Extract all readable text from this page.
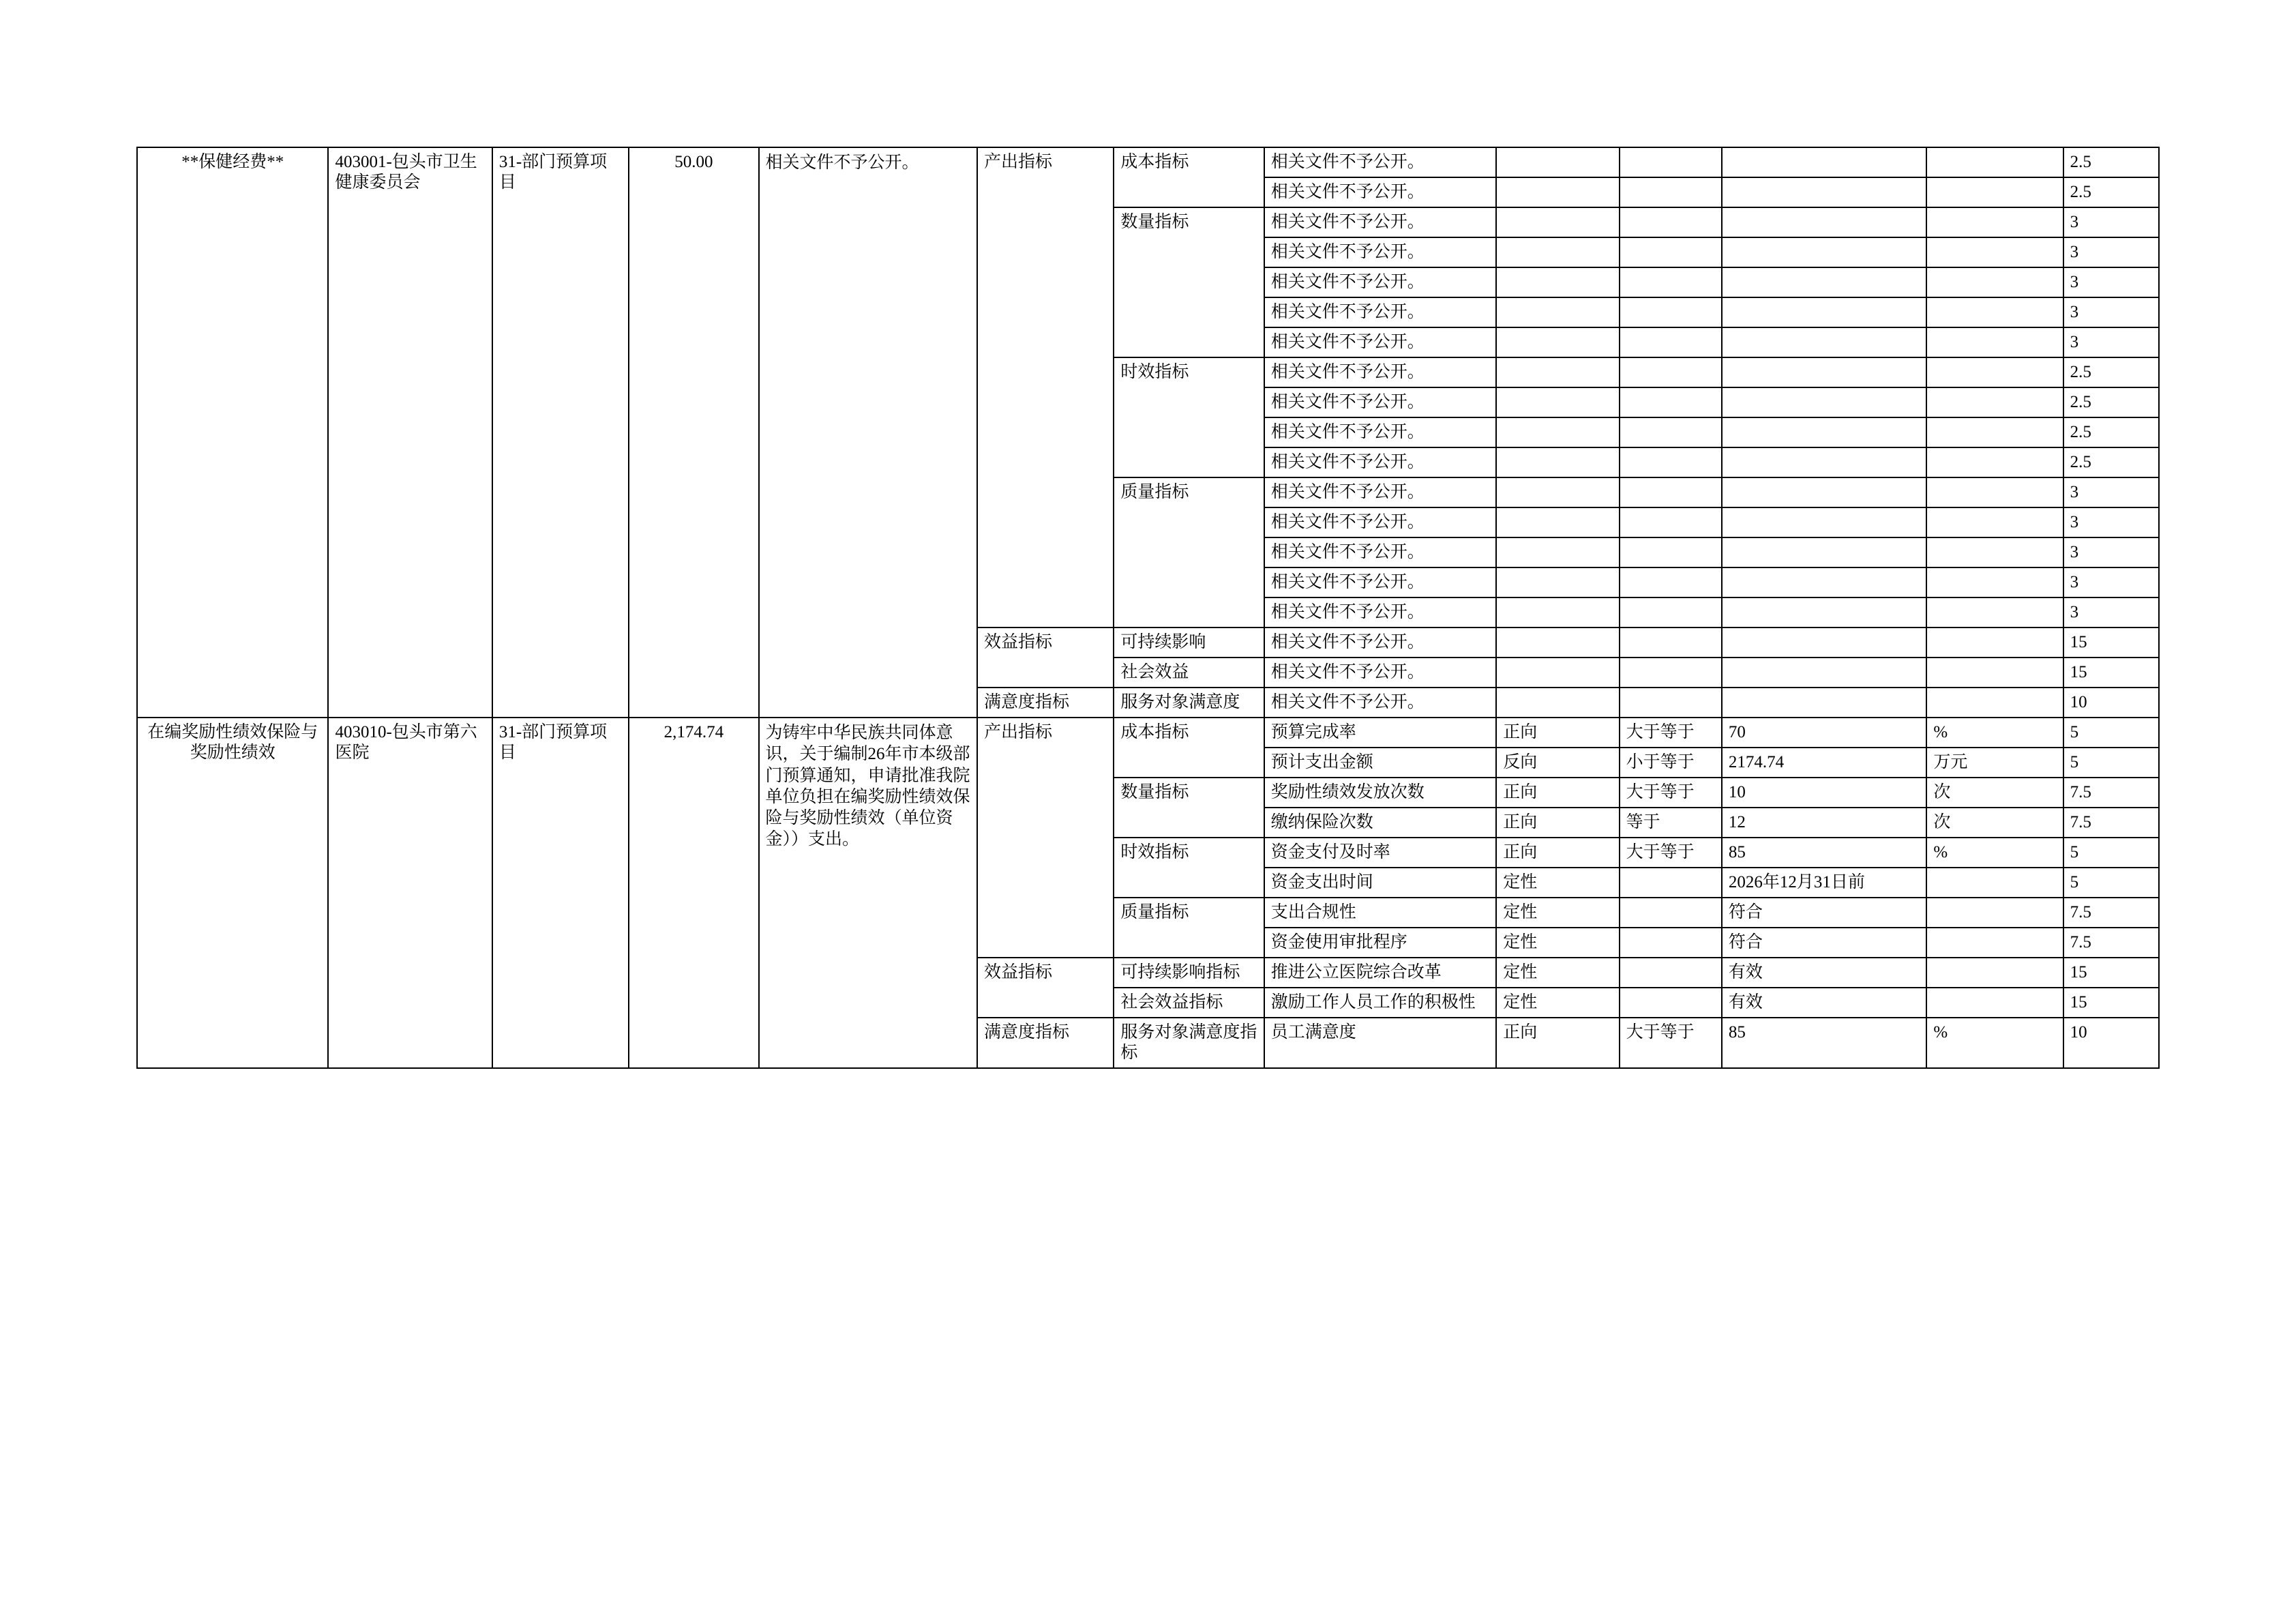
**保健经费**	403001-包头市卫生健康委员会	31-部门预算项目	50.00	相关文件不予公开。	产出指标	成本指标	相关文件不予公开。					2.5
							相关文件不予公开。					2.5
						数量指标	相关文件不予公开。					3
							相关文件不予公开。					3
							相关文件不予公开。					3
							相关文件不予公开。					3
							相关文件不予公开。					3
						时效指标	相关文件不予公开。					2.5
							相关文件不予公开。					2.5
							相关文件不予公开。					2.5
							相关文件不予公开。					2.5
						质量指标	相关文件不予公开。					3
							相关文件不予公开。					3
							相关文件不予公开。					3
							相关文件不予公开。					3
							相关文件不予公开。					3
					效益指标	可持续影响	相关文件不予公开。					15
						社会效益	相关文件不予公开。					15
					满意度指标	服务对象满意度	相关文件不予公开。					10
在编奖励性绩效保险与奖励性绩效	403010-包头市第六医院	31-部门预算项目	2,174.74	为铸牢中华民族共同体意识，关于编制26年市本级部门预算通知，申请批准我院单位负担在编奖励性绩效保险与奖励性绩效（单位资金））支出。	产出指标	成本指标	预算完成率	正向	大于等于	70	%	5
							预计支出金额	反向	小于等于	2174.74	万元	5
						数量指标	奖励性绩效发放次数	正向	大于等于	10	次	7.5
							缴纳保险次数	正向	等于	12	次	7.5
						时效指标	资金支付及时率	正向	大于等于	85	%	5
							资金支出时间	定性		2026年12月31日前		5
						质量指标	支出合规性	定性		符合		7.5
							资金使用审批程序	定性		符合		7.5
					效益指标	可持续影响指标	推进公立医院综合改革	定性		有效		15
						社会效益指标	激励工作人员工作的积极性	定性		有效		15
					满意度指标	服务对象满意度指标	员工满意度	正向	大于等于	85	%	10
